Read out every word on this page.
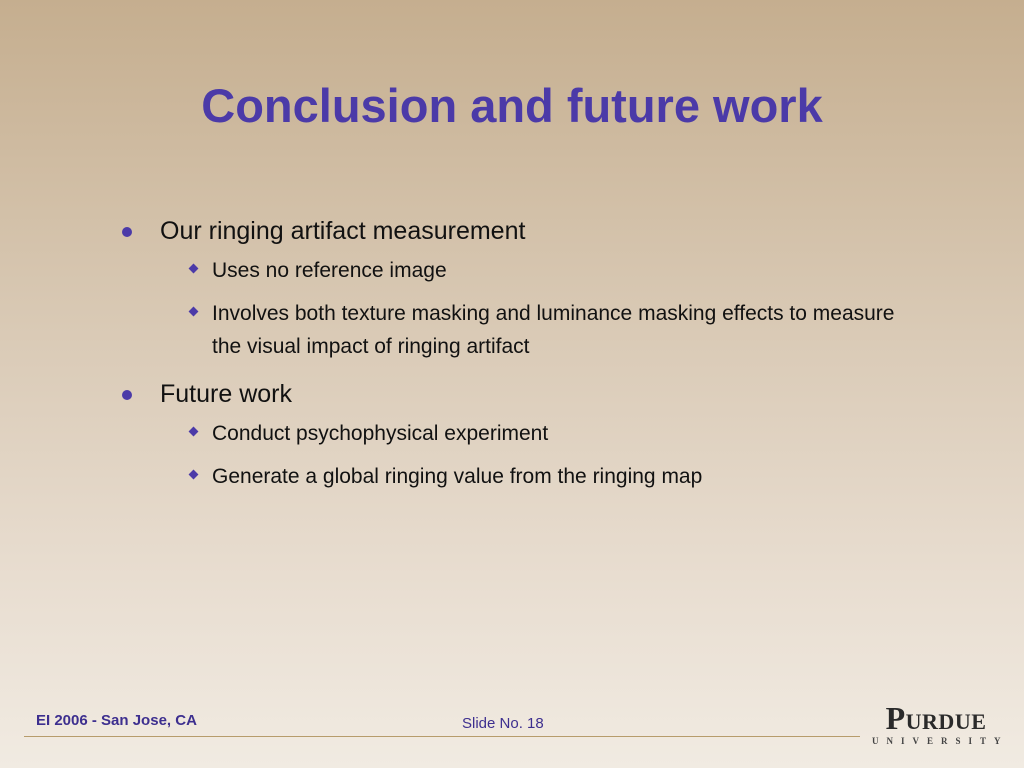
Conclusion and future work
Our ringing artifact measurement
Uses no reference image
Involves both texture masking and luminance masking effects to measure the visual impact of ringing artifact
Future work
Conduct psychophysical experiment
Generate a global ringing value from the ringing map
EI 2006 - San Jose, CA	Slide No. 18	Purdue
UNIVERSITY
